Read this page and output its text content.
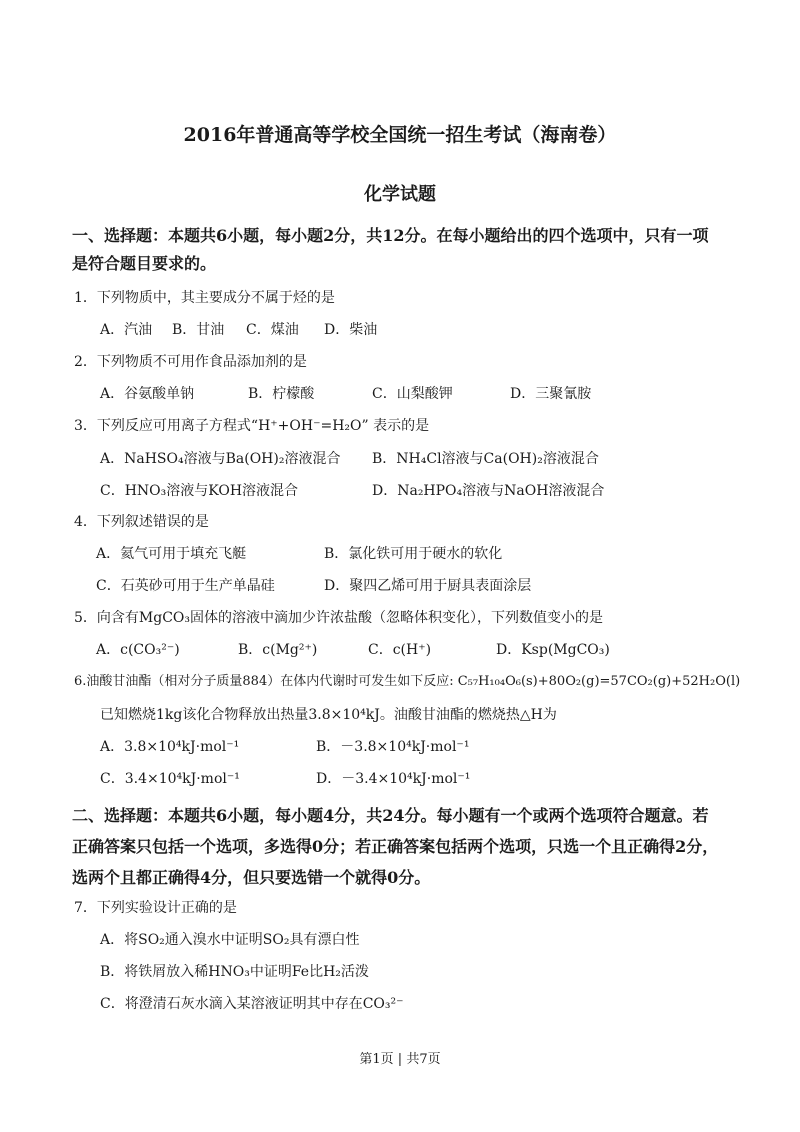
2016年普通高等学校全国统一招生考试（海南卷）
化学试题
一、选择题：本题共6小题，每小题2分，共12分。在每小题给出的四个选项中，只有一项
是符合题目要求的。
1．下列物质中，其主要成分不属于烃的是
A．汽油 B．甘油 C．煤油 D．柴油
2．下列物质不可用作食品添加剂的是
A．谷氨酸单钠	B．柠檬酸	C．山梨酸钾	D．三聚氰胺
3．下列反应可用离子方程式“H⁺+OH⁻=H₂O” 表示的是
A．NaHSO₄溶液与Ba(OH)₂溶液混合 B．NH₄Cl溶液与Ca(OH)₂溶液混合
C．HNO₃溶液与KOH溶液混合	D．Na₂HPO₄溶液与NaOH溶液混合
4．下列叙述错误的是
A．氦气可用于填充飞艇	B．氯化铁可用于硬水的软化
C．石英砂可用于生产单晶硅	D．聚四乙烯可用于厨具表面涂层
5．向含有MgCO₃固体的溶液中滴加少许浓盐酸（忽略体积变化），下列数值变小的是
A．c(CO₃²⁻)	B．c(Mg²⁺)	C．c(H⁺)	D．Ksp(MgCO₃)
6.油酸甘油酯（相对分子质量884）在体内代谢时可发生如下反应: C₅₇H₁₀₄O₆(s)+80O₂(g)=57CO₂(g)+52H₂O(l)
已知燃烧1kg该化合物释放出热量3.8×10⁴kJ。油酸甘油酯的燃烧热△H为
A．3.8×10⁴kJ·mol⁻¹	B．－3.8×10⁴kJ·mol⁻¹
C．3.4×10⁴kJ·mol⁻¹	D．－3.4×10⁴kJ·mol⁻¹
二、选择题：本题共6小题，每小题4分，共24分。每小题有一个或两个选项符合题意。若
正确答案只包括一个选项，多选得0分；若正确答案包括两个选项，只选一个且正确得2分，
选两个且都正确得4分，但只要选错一个就得0分。
7．下列实验设计正确的是
A．将SO₂通入溴水中证明SO₂具有漂白性
B．将铁屑放入稀HNO₃中证明Fe比H₂活泼
C．将澄清石灰水滴入某溶液证明其中存在CO₃²⁻
第1页 | 共7页
